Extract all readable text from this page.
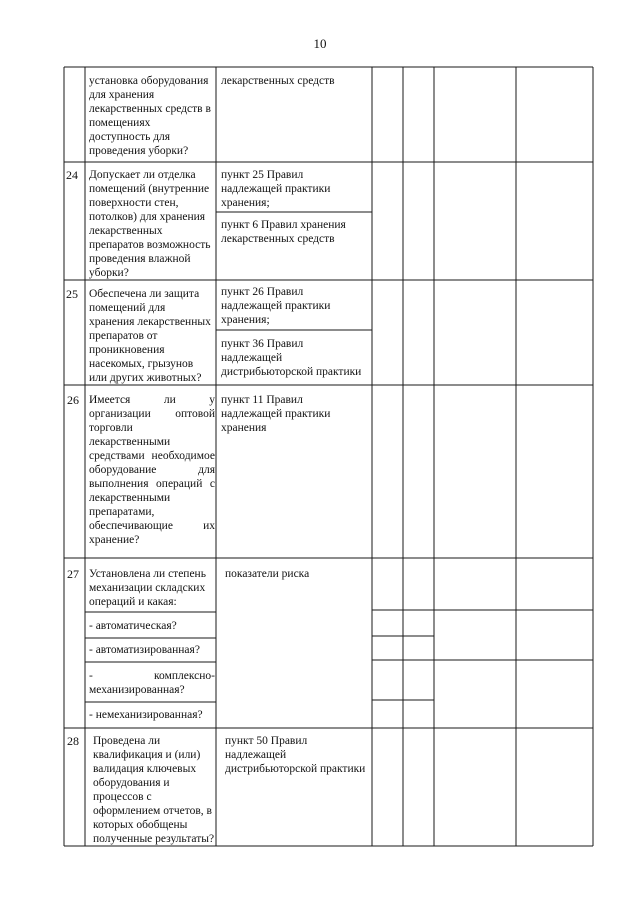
10
установка оборудования
для хранения
лекарственных средств в
помещениях
доступность для
проведения уборки?
лекарственных средств
24 Допускает ли отделка
помещений (внутренние
поверхности стен,
потолков) для хранения
лекарственных
препаратов возможность
проведения влажной
уборки?
пункт 25 Правил
надлежащей практики
хранения;
пункт 6 Правил хранения
лекарственных средств
25 Обеспечена ли защита
помещений для
хранения лекарственных
препаратов от
проникновения
насекомых, грызунов
или других животных?
пункт 26 Правил
надлежащей практики
хранения;
пункт 36 Правил
надлежащей
дистрибьюторской практики
26 Имеется ли у организации оптовой торговли лекарственными средствами необходимое оборудование для выполнения операций с лекарственными препаратами, обеспечивающие их хранение?
пункт 11 Правил
надлежащей практики
хранения
27 Установлена ли степень
механизации складских
операций и какая:
- автоматическая?
- автоматизированная?
- комплексно-механизированная?
- немеханизированная?
показатели риска
28 Проведена ли
квалификация и (или)
валидация ключевых
оборудования и
процессов с
оформлением отчетов, в
которых обобщены
полученные результаты?
пункт 50 Правил
надлежащей
дистрибьюторской практики
